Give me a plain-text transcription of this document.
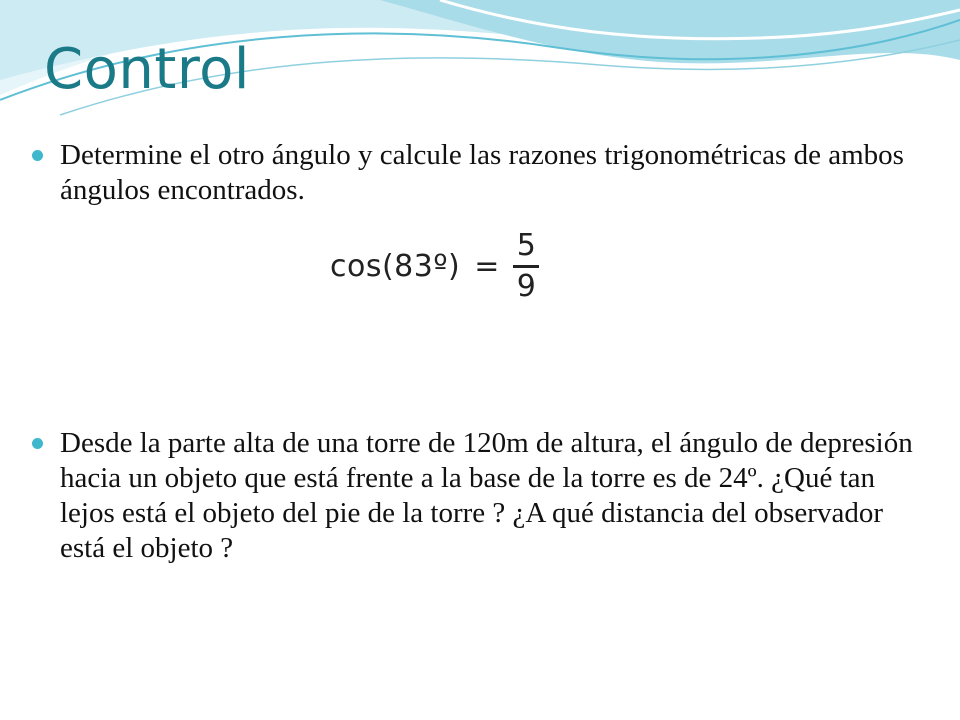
Control
Determine el otro ángulo y calcule las razones trigonométricas de ambos ángulos encontrados.
Desde la parte alta de una torre de 120m de altura, el ángulo de depresión hacia un objeto que está frente a la base de la torre es de 24º. ¿Qué tan lejos está el objeto del pie de la torre ? ¿A qué distancia del observador está el objeto ?
cos(83º) = $\frac{5}{9}$
